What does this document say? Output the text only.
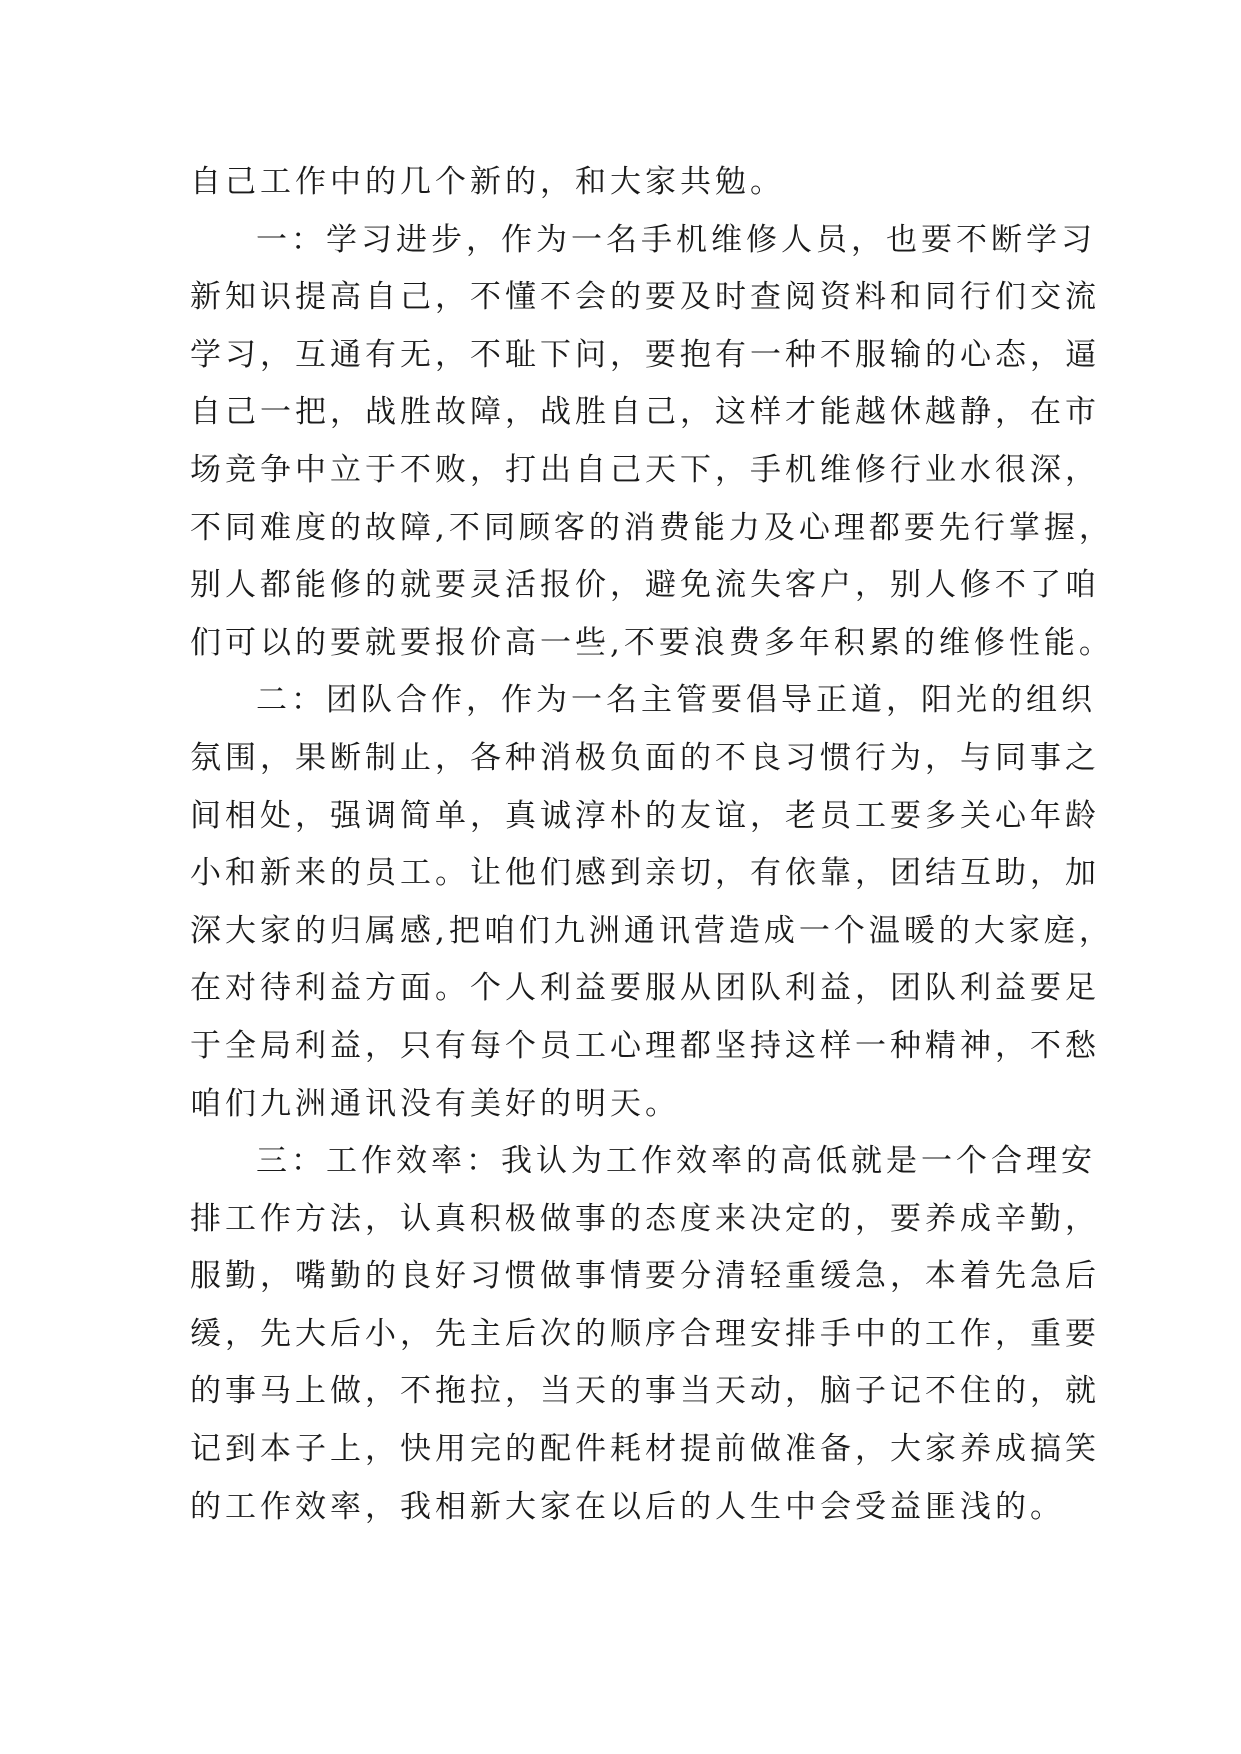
自己工作中的几个新的，和大家共勉。

一：学习进步，作为一名手机维修人员，也要不断学习

新知识提高自己，不懂不会的要及时查阅资料和同行们交流

学习，互通有无，不耻下问，要抱有一种不服输的心态，逼

自己一把，战胜故障，战胜自己，这样才能越休越静，在市

场竞争中立于不败，打出自己天下，手机维修行业水很深，

不同难度的故障,不同顾客的消费能力及心理都要先行掌握，

别人都能修的就要灵活报价，避免流失客户，别人修不了咱

们可以的要就要报价高一些,不要浪费多年积累的维修性能。

二：团队合作，作为一名主管要倡导正道，阳光的组织

氛围，果断制止，各种消极负面的不良习惯行为，与同事之

间相处，强调简单，真诚淳朴的友谊，老员工要多关心年龄

小和新来的员工。让他们感到亲切，有依靠，团结互助，加

深大家的归属感,把咱们九洲通讯营造成一个温暖的大家庭，

在对待利益方面。个人利益要服从团队利益，团队利益要足

于全局利益，只有每个员工心理都坚持这样一种精神，不愁

咱们九洲通讯没有美好的明天。

三：工作效率：我认为工作效率的高低就是一个合理安

排工作方法，认真积极做事的态度来决定的，要养成辛勤，

服勤，嘴勤的良好习惯做事情要分清轻重缓急，本着先急后

缓，先大后小，先主后次的顺序合理安排手中的工作，重要

的事马上做，不拖拉，当天的事当天动，脑子记不住的，就

记到本子上，快用完的配件耗材提前做准备，大家养成搞笑

的工作效率，我相新大家在以后的人生中会受益匪浅的。
